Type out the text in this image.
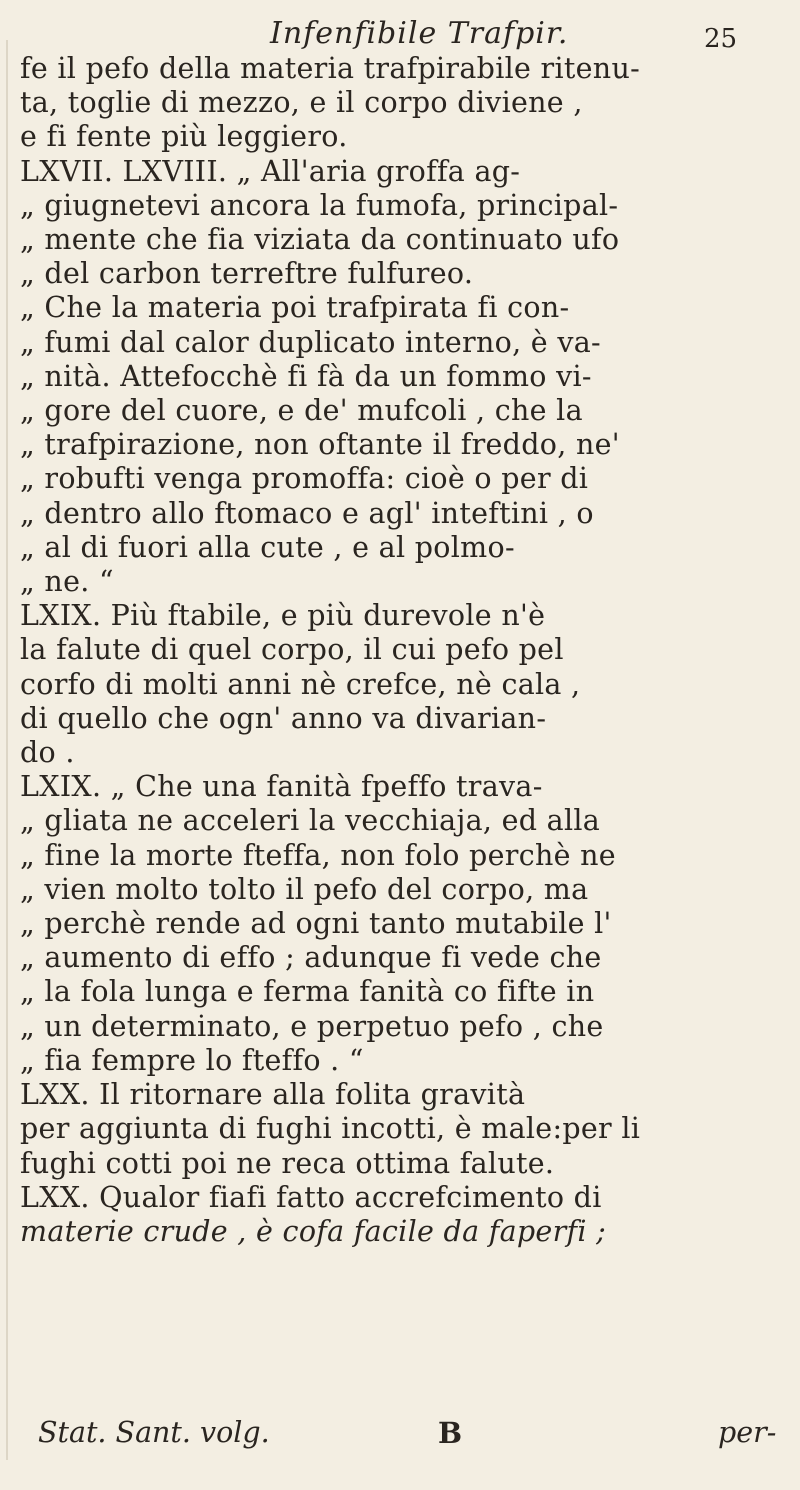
Infenfibile Trafpir.	25
fe il pefo della materia trafpirabile ritenu-
ta, toglie di mezzo, e il corpo diviene ,
e fi fente più leggiero.
LXVII. LXVIII. „ All'aria groffa ag-
„ giugnetevi ancora la fumofa, principal-
„ mente che fia viziata da continuato ufo
„ del carbon terreftre fulfureo.
„ Che la materia poi trafpirata fi con-
„ fumi dal calor duplicato interno, è va-
„ nità. Attefocchè fi fà da un fommo vi-
„ gore del cuore, e de' mufcoli , che la
„ trafpirazione, non oftante il freddo, ne'
„ robufti venga promoffa: cioè o per di
„ dentro allo ftomaco e agl' inteftini , o
„ al di fuori alla cute , e al polmo-
„ ne. “
LXIX. Più ftabile, e più durevole n'è
la falute di quel corpo, il cui pefo pel
corfo di molti anni nè crefce, nè cala ,
di quello che ogn' anno va divarian-
do .
LXIX. „ Che una fanità fpeffo trava-
„ gliata ne acceleri la vecchiaja, ed alla
„ fine la morte fteffa, non folo perchè ne
„ vien molto tolto il pefo del corpo, ma
„ perchè rende ad ogni tanto mutabile l'
„ aumento di effo ; adunque fi vede che
„ la fola lunga e ferma fanità co fifte in
„ un determinato, e perpetuo pefo , che
„ fia fempre lo fteffo . “
LXX. Il ritornare alla folita gravità
per aggiunta di fughi incotti, è male:per li
fughi cotti poi ne reca ottima falute.
LXX. Qualor fiafi fatto accrefcimento di
materie crude , è cofa facile da faperfi ;
Stat. Sant. volg.	B	per-
